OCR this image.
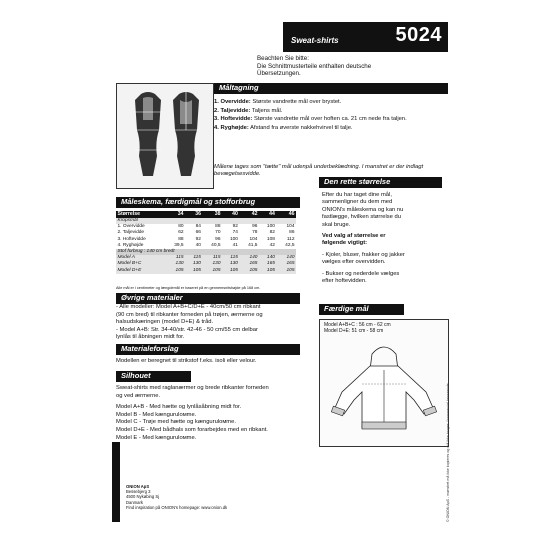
Sweat-shirts	5024
Beachten Sie bitte:
Die Schnittmusterteile enthalten deutsche
Übersetzungen.
Måltagning
1. Overvidde: Største vandrette mål over brystet.
2. Taljevidde: Taljens mål.
3. Hoftevidde: Største vandrette mål over hoften ca. 21 cm nede fra taljen.
4. Ryghøjde: Afstand fra øverste nakkehvirvel til talje.
Målene tages som "tætte" mål udenpå underbeklædning. I manstret er der indlagt bevægelsesvidde.
Måleskema, færdigmål og stofforbrug
Størrelse	34	36	38	40	42	44	46
Kropsmål							
1. Overvidde	80	84	88	92	96	100	104
2. Taljevidde	62	66	70	74	78	82	86
3. Hoftevidde	88	92	96	100	104	108	112
4. Ryghøjde	39,5	40	40,5	41	41,5	42	42,5
Stof forbrug : 140 cm bredt							
Model A	115	115	115	115	140	140	140
Model B+C	130	130	130	130	165	165	165
Model D+E	105	105	105	105	105	105	105
Alle mål er i centimeter og længdemål er baseret på en gennemsnitshøjde på 168 cm.
Øvrige materialer
- Alle modeller: Model A+B+C/D+E - 40cm/50 cm ribkant
(90 cm bred) til ribkanter forneden på trøjen, ærmerne og
halsudskæringen (model D+E) & tråd.
- Model A+B: Str. 34-40/str. 42-46 - 50 cm/55 cm delbar
lynlås til åbningen midt for.
Materialeforslag
Modellen er beregnet til strikstof f.eks. isoli eller velour.
Silhouet
Sweat-shirts med raglanærmer og brede ribkanter forneden
og ved ærmerne.
Model A+B - Med hætte og lynlåsåbning midt for.
Model B - Med kænguruloмme.
Model C - Trøje med hætte og kænguruloмme.
Model D+E - Med bådhals som forarbejdes med en ribkant.
Model E - Med kænguruloмme.
Den rette størrelse
Efter du har taget dine mål,
sammenligner du dem med
ONION's måleskema og kan nu
fastlægge, hvilken størrelse du
skal bruge.
Ved valg af størrelse er
følgende vigtigt:
- Kjoler, bluser, frakker og jakker
vælges efter overvidden.
- Bukser og nederdele vælges
efter hoftevidden.
Færdige mål
Model A+B+C : 56 cm - 62 cm
Model D+E: 51 cm - 58 cm
ONION ApS
Bessebjerg 3
4500 Nykøbing Sj
Danmark
Find inspiration på ONION's homepage: www.onion.dk	© ONION ApS - mønstret må ikke kopieres og må ikke bruges i kommerciel henseende.
